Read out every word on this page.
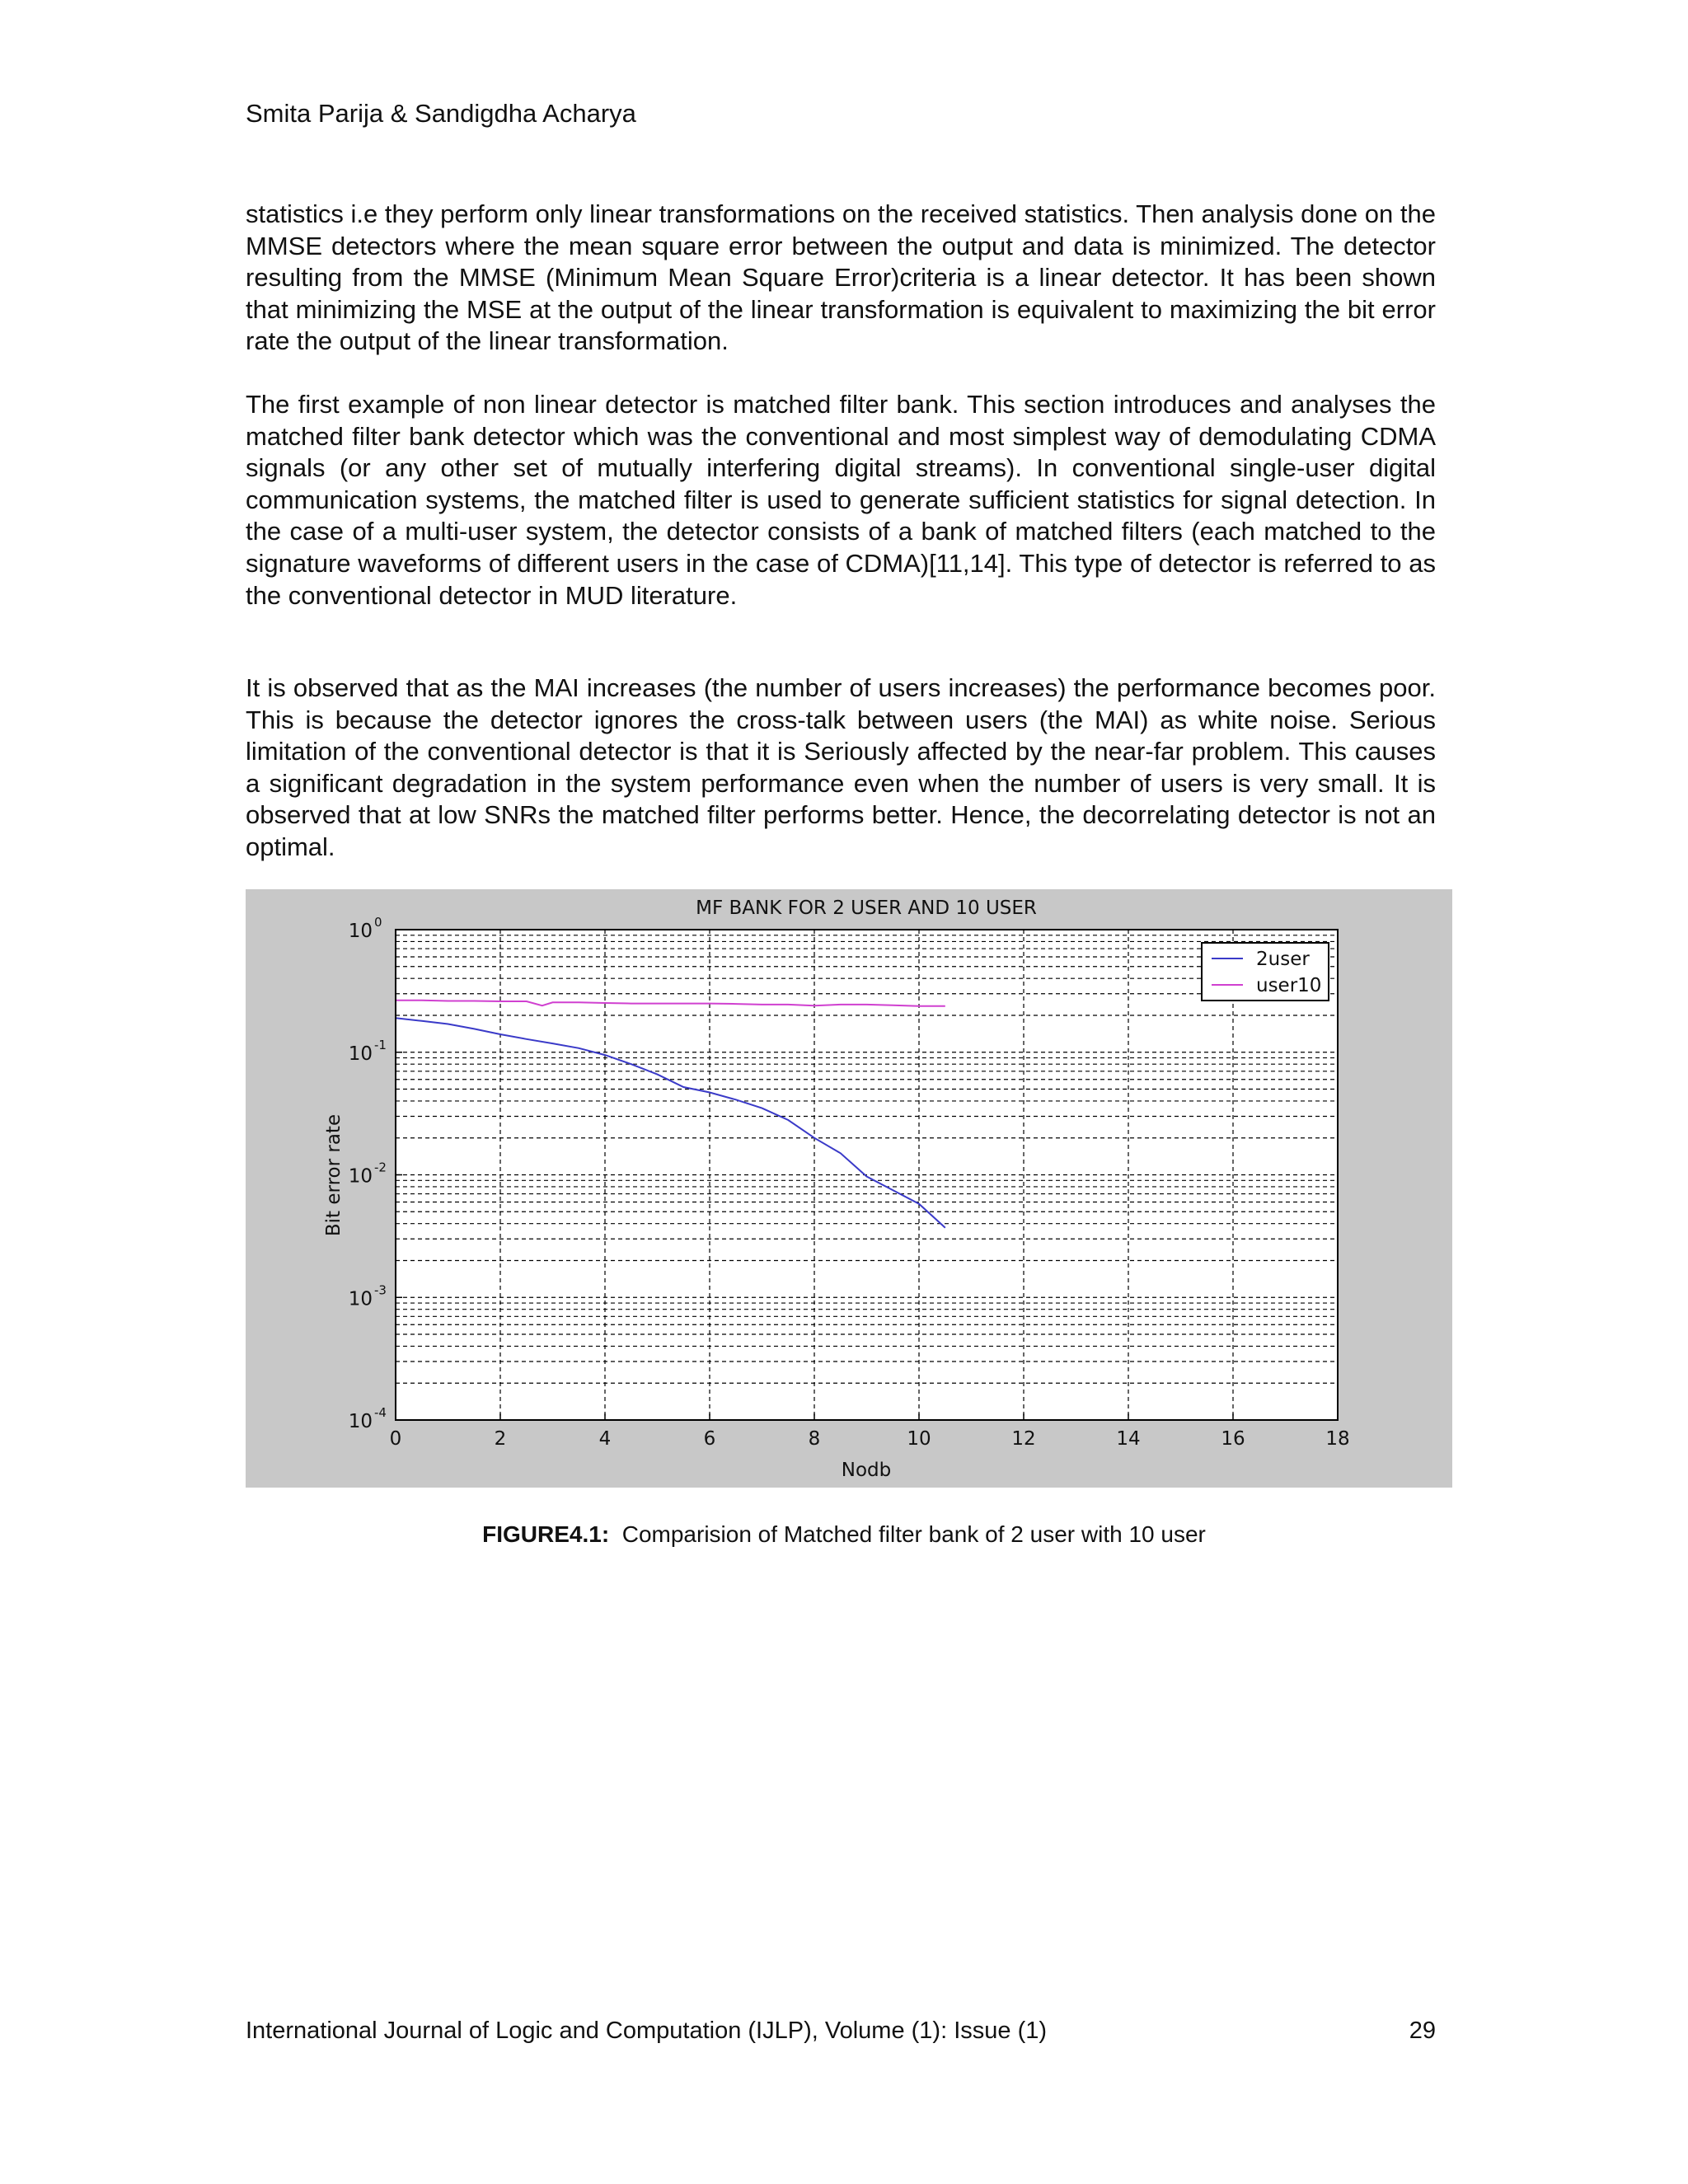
Smita Parija & Sandigdha Acharya

statistics i.e they perform only linear transformations on the received statistics. Then analysis done on the MMSE detectors where the mean square error between the output and data is minimized. The detector resulting from the MMSE (Minimum Mean Square Error)criteria is a linear detector. It has been shown that minimizing the MSE at the output of the linear transformation is equivalent to maximizing the bit error rate the output of the linear transformation.

The first example of non linear detector is matched filter bank. This section introduces and analyses the matched filter bank detector which was the conventional and most simplest way of demodulating CDMA signals (or any other set of mutually interfering digital streams). In conventional single-user digital communication systems, the matched filter is used to generate sufficient statistics for signal detection. In the case of a multi-user system, the detector consists of a bank of matched filters (each matched to the signature waveforms of different users in the case of CDMA)[11,14]. This type of detector is referred to as the conventional detector in MUD literature.

It is observed that as the MAI increases (the number of users increases) the performance becomes poor. This is because the detector ignores the cross-talk between users (the MAI) as white noise. Serious limitation of the conventional detector is that it is Seriously affected by the near-far problem. This causes a significant degradation in the system performance even when the number of users is very small. It is observed that at low SNRs the matched filter performs better. Hence, the decorrelating detector is not an optimal.

0	2	4	6	8	10	12	14	16	18
10 0
10 -1
10 -2
10 -3
10 -4
MF BANK FOR 2 USER AND 10 USER
Nodb
Bit error rate
2user
user10
FIGURE4.1: Comparision of Matched filter bank of 2 user with 10 user
International Journal of Logic and Computation (IJLP), Volume (1): Issue (1)	29
